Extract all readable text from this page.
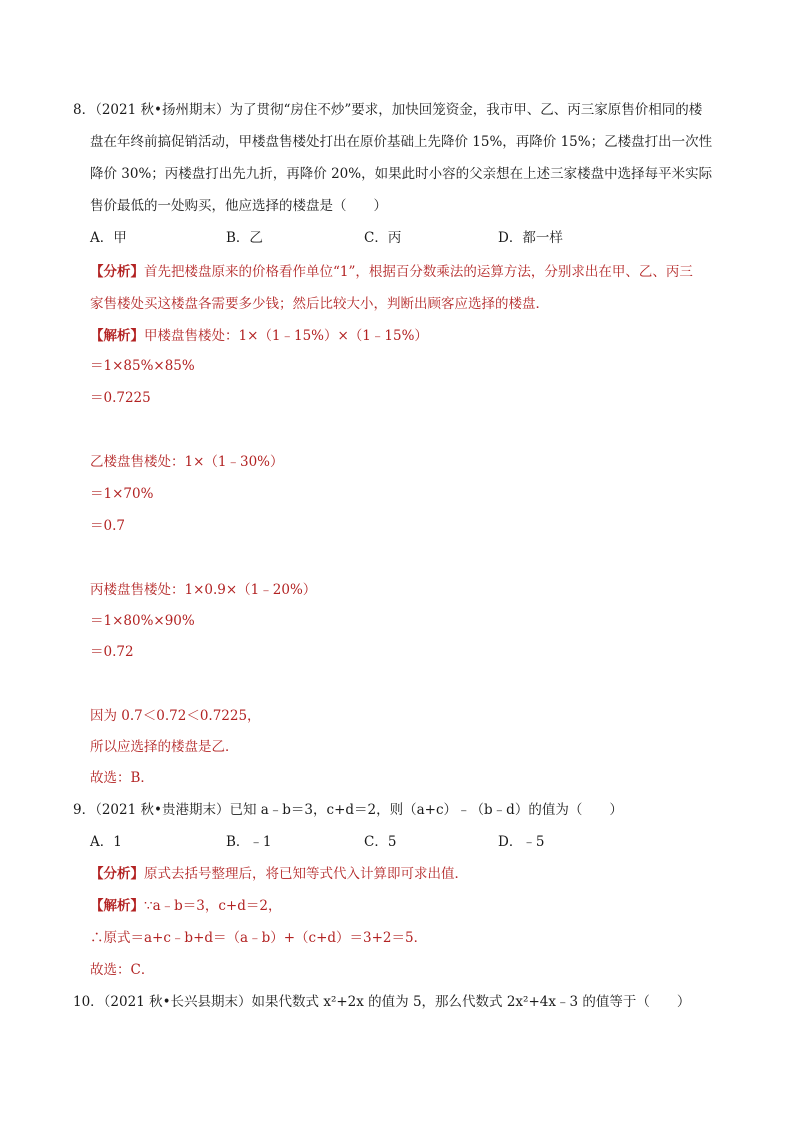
8．（2021 秋•扬州期末）为了贯彻“房住不炒”要求，加快回笼资金，我市甲、乙、丙三家原售价相同的楼
盘在年终前搞促销活动，甲楼盘售楼处打出在原价基础上先降价 15%，再降价 15%；乙楼盘打出一次性
降价 30%；丙楼盘打出先九折，再降价 20%，如果此时小容的父亲想在上述三家楼盘中选择每平米实际
售价最低的一处购买，他应选择的楼盘是（　　）
A．甲	B．乙	C．丙	D．都一样
【分析】首先把楼盘原来的价格看作单位“1”，根据百分数乘法的运算方法，分别求出在甲、乙、丙三
家售楼处买这楼盘各需要多少钱；然后比较大小，判断出顾客应选择的楼盘．
【解析】甲楼盘售楼处：1×（1﹣15%）×（1﹣15%）
＝1×85%×85%
＝0.7225
乙楼盘售楼处：1×（1﹣30%）
＝1×70%
＝0.7
丙楼盘售楼处：1×0.9×（1﹣20%）
＝1×80%×90%
＝0.72
因为 0.7＜0.72＜0.7225，
所以应选择的楼盘是乙．
故选：B．
9．（2021 秋•贵港期末）已知 a﹣b＝3，c+d＝2，则（a+c）﹣（b﹣d）的值为（　　）
A．1	B．﹣1	C．5	D．﹣5
【分析】原式去括号整理后，将已知等式代入计算即可求出值．
【解析】∵a﹣b＝3，c+d＝2，
∴原式＝a+c﹣b+d＝（a﹣b）+（c+d）＝3+2＝5．
故选：C．
10．（2021 秋•长兴县期末）如果代数式 x²+2x 的值为 5，那么代数式 2x²+4x﹣3 的值等于（　　）
